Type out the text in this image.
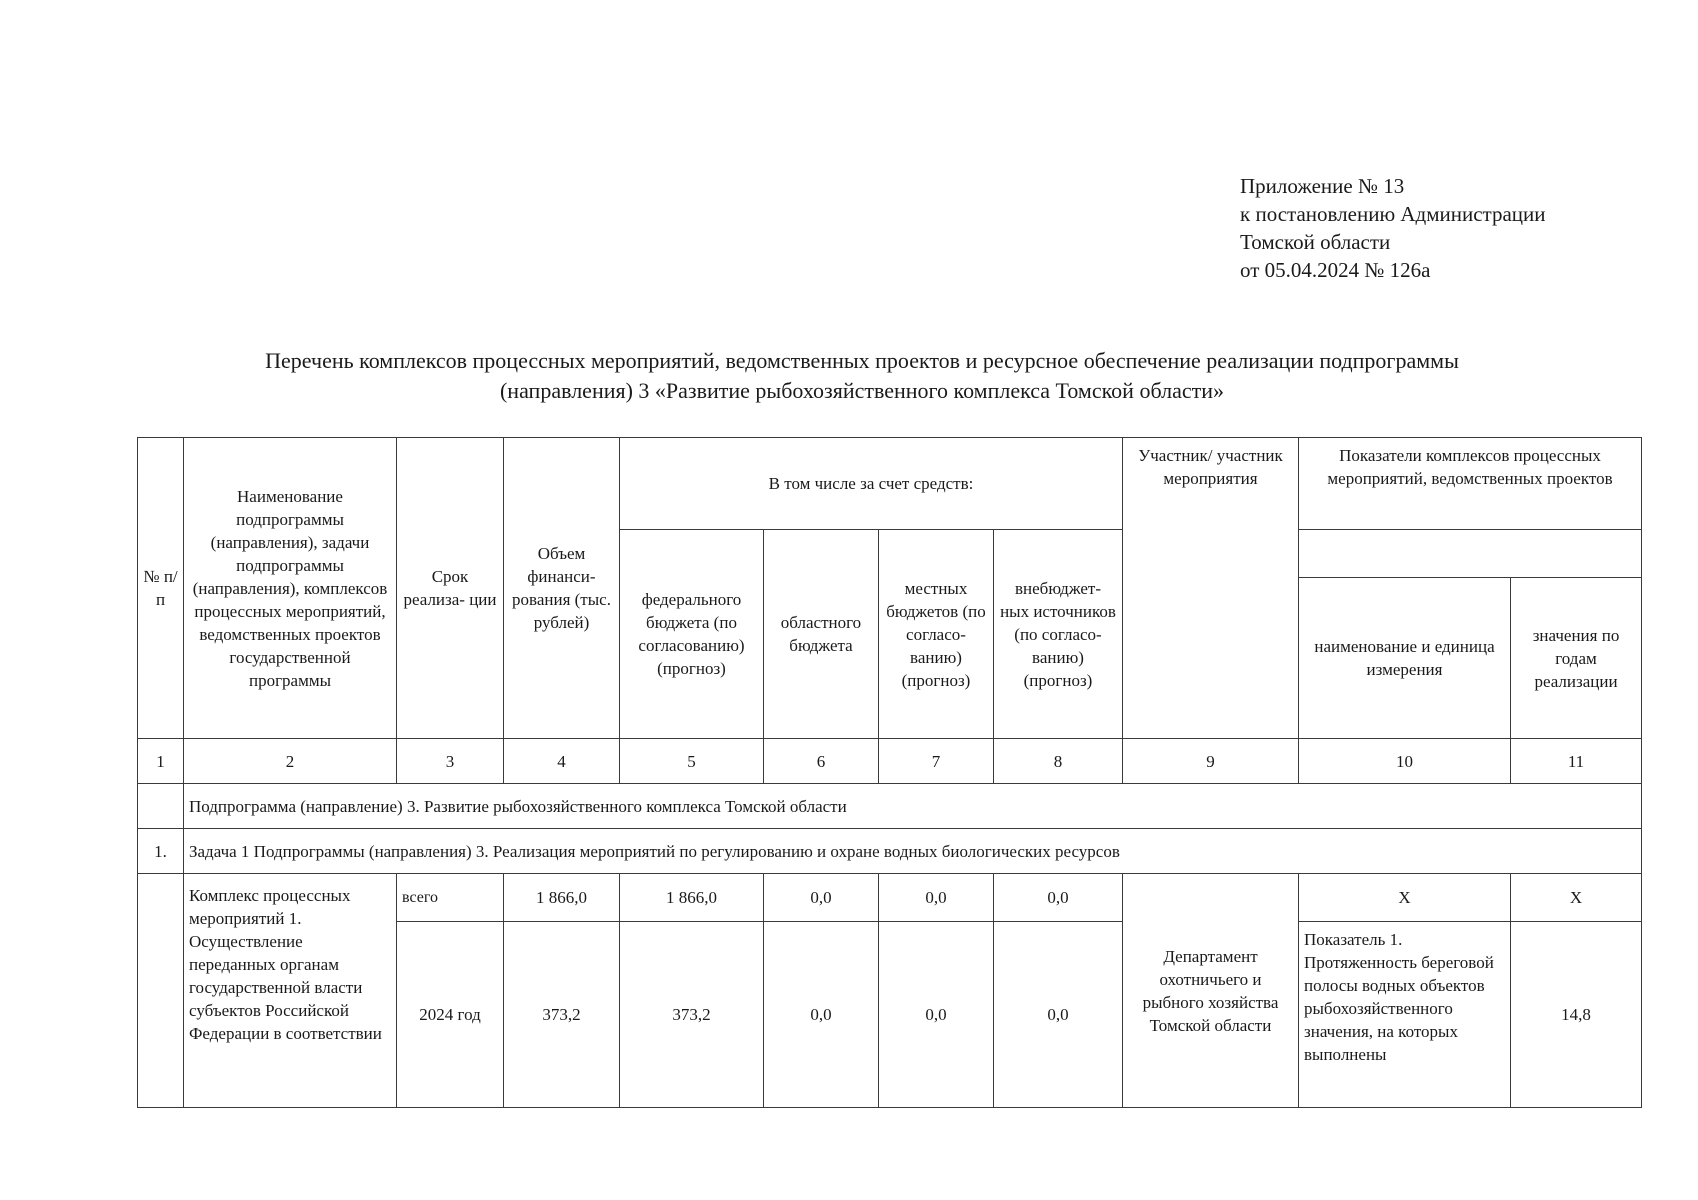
Приложение № 13
к постановлению Администрации
Томской области
от 05.04.2024 № 126а
Перечень комплексов процессных мероприятий, ведомственных проектов и ресурсное обеспечение реализации подпрограммы
(направления) 3 «Развитие рыбохозяйственного комплекса Томской области»
№ п/п	Наименование подпрограммы (направления), задачи подпрограммы (направления), комплексов процессных мероприятий, ведомственных проектов государственной программы	Срок реализа- ции	Объем финанси- рования (тыс. рублей)	В том числе за счет средств:				Участник/ участник мероприятия	Показатели комплексов процессных мероприятий, ведомственных проектов	
				федерального бюджета (по согласованию) (прогноз)	областного бюджета	местных бюджетов (по согласо- ванию) (прогноз)	внебюджет- ных источников (по согласо- ванию) (прогноз)			
									наименование и единица измерения	значения по годам реализации
1	2	3	4	5	6	7	8	9	10	11
	Подпрограмма (направление) 3. Развитие рыбохозяйственного комплекса Томской области									
1.	Задача 1 Подпрограммы (направления) 3. Реализация мероприятий по регулированию и охране водных биологических ресурсов									
	Комплекс процессных мероприятий 1. Осуществление переданных органам государственной власти субъектов Российской Федерации в соответствии	всего	1 866,0	1 866,0	0,0	0,0	0,0	Департамент охотничьего и рыбного хозяйства Томской области	X	X
		2024 год	373,2	373,2	0,0	0,0	0,0		Показатель 1. Протяженность береговой полосы водных объектов рыбохозяйственного значения, на которых выполнены	14,8
